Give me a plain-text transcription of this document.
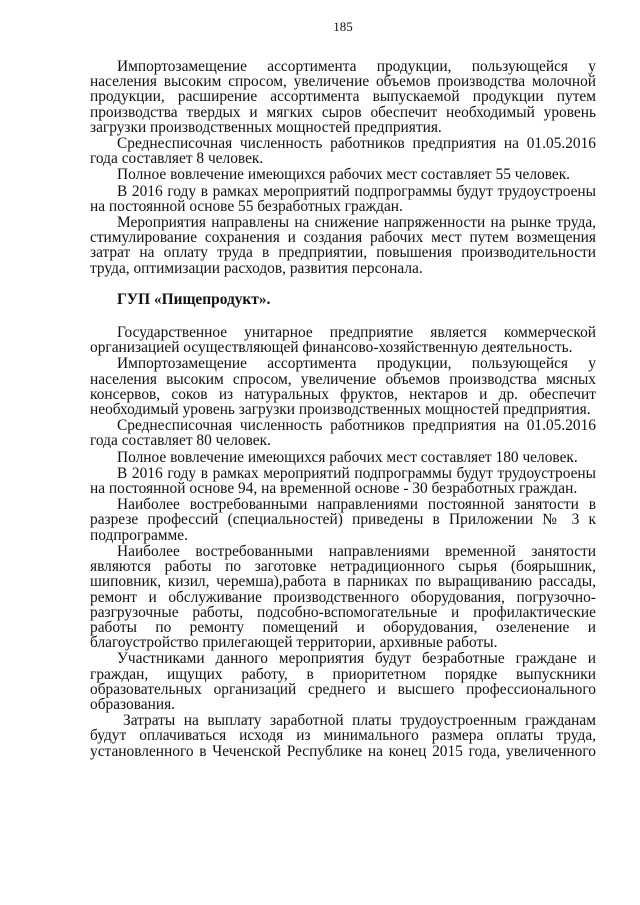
185

Импортозамещение ассортимента продукции, пользующейся у населения высоким спросом, увеличение объемов производства молочной продукции, расширение ассортимента выпускаемой продукции путем производства твердых и мягких сыров обеспечит необходимый уровень загрузки производственных мощностей предприятия.

Среднесписочная численность работников предприятия на 01.05.2016 года составляет 8 человек.

Полное вовлечение имеющихся рабочих мест составляет 55 человек.

В 2016 году в рамках мероприятий подпрограммы будут трудоустроены на постоянной основе 55 безработных граждан.

Мероприятия направлены на снижение напряженности на рынке труда, стимулирование сохранения и создания рабочих мест путем возмещения затрат на оплату труда в предприятии, повышения производительности труда, оптимизации расходов, развития персонала.

ГУП «Пищепродукт».

Государственное унитарное предприятие является коммерческой организацией осуществляющей финансово-хозяйственную деятельность.

Импортозамещение ассортимента продукции, пользующейся у населения высоким спросом, увеличение объемов производства мясных консервов, соков из натуральных фруктов, нектаров и др. обеспечит необходимый уровень загрузки производственных мощностей предприятия.

Среднесписочная численность работников предприятия на 01.05.2016 года составляет 80 человек.

Полное вовлечение имеющихся рабочих мест составляет 180 человек.

В 2016 году в рамках мероприятий подпрограммы будут трудоустроены на постоянной основе 94, на временной основе - 30 безработных граждан.

Наиболее востребованными направлениями постоянной занятости в разрезе профессий (специальностей) приведены в Приложении № 3 к подпрограмме.

Наиболее востребованными направлениями временной занятости являются работы по заготовке нетрадиционного сырья (боярышник, шиповник, кизил, черемша),работа в парниках по выращиванию рассады, ремонт и обслуживание производственного оборудования, погрузочно-разгрузочные работы, подсобно-вспомогательные и профилактические работы по ремонту помещений и оборудования, озеленение и благоустройство прилегающей территории, архивные работы.

Участниками данного мероприятия будут безработные граждане и граждан, ищущих работу, в приоритетном порядке выпускники образовательных организаций среднего и высшего профессионального образования.

Затраты на выплату заработной платы трудоустроенным гражданам будут оплачиваться исходя из минимального размера оплаты труда, установленного в Чеченской Республике на конец 2015 года, увеличенного
